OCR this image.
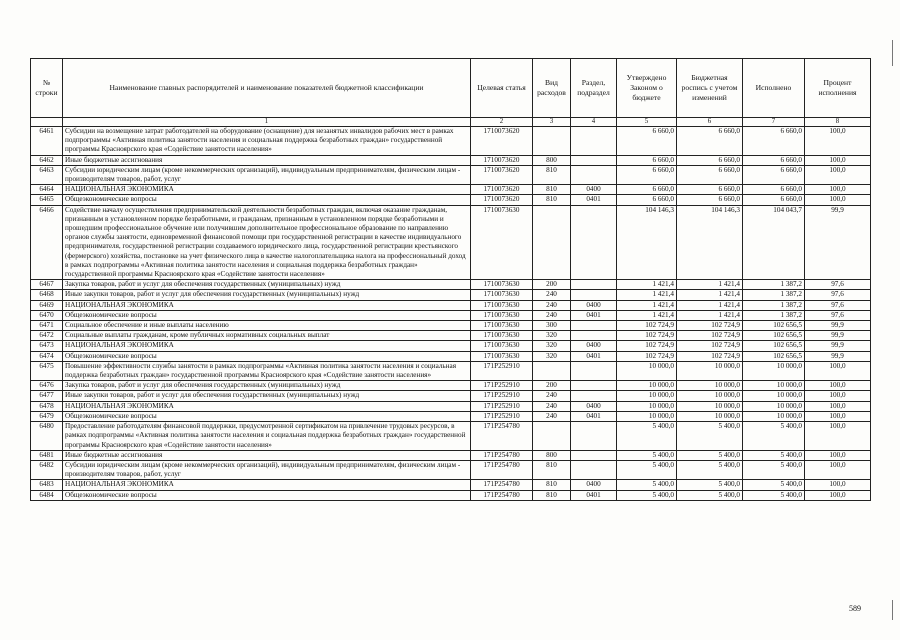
№ строки	Наименование главных распорядителей и наименование показателей бюджетной классификации	Целевая статья	Вид расходов	Раздел, подраздел	Утверждено Законом о бюджете	Бюджетная роспись с учетом изменений	Исполнено	Процент исполнения
	1	2	3	4	5	6	7	8
6461	Субсидии на возмещение затрат работодателей на оборудование (оснащение) для незанятых инвалидов рабочих мест в рамках подпрограммы «Активная политика занятости населения и социальная поддержка безработных граждан» государственной программы Красноярского края «Содействие занятости населения»	1710073620			6 660,0	6 660,0	6 660,0	100,0
6462	Иные бюджетные ассигнования	1710073620	800		6 660,0	6 660,0	6 660,0	100,0
6463	Субсидии юридическим лицам (кроме некоммерческих организаций), индивидуальным предпринимателям, физическим лицам - производителям товаров, работ, услуг	1710073620	810		6 660,0	6 660,0	6 660,0	100,0
6464	НАЦИОНАЛЬНАЯ ЭКОНОМИКА	1710073620	810	0400	6 660,0	6 660,0	6 660,0	100,0
6465	Общеэкономические вопросы	1710073620	810	0401	6 660,0	6 660,0	6 660,0	100,0
6466	Содействие началу осуществления предпринимательской деятельности безработных граждан, включая оказание гражданам, признанным в установленном порядке безработными, и гражданам, признанным в установленном порядке безработными и прошедшим профессиональное обучение или получившим дополнительное профессиональное образование по направлению органов службы занятости, единовременной финансовой помощи при государственной регистрации в качестве индивидуального предпринимателя, государственной регистрации создаваемого юридического лица, государственной регистрации крестьянского (фермерского) хозяйства, постановке на учет физического лица в качестве налогоплательщика налога на профессиональный доход в рамках подпрограммы «Активная политика занятости населения и социальная поддержка безработных граждан» государственной программы Красноярского края «Содействие занятости населения»	1710073630			104 146,3	104 146,3	104 043,7	99,9
6467	Закупка товаров, работ и услуг для обеспечения государственных (муниципальных) нужд	1710073630	200		1 421,4	1 421,4	1 387,2	97,6
6468	Иные закупки товаров, работ и услуг для обеспечения государственных (муниципальных) нужд	1710073630	240		1 421,4	1 421,4	1 387,2	97,6
6469	НАЦИОНАЛЬНАЯ ЭКОНОМИКА	1710073630	240	0400	1 421,4	1 421,4	1 387,2	97,6
6470	Общеэкономические вопросы	1710073630	240	0401	1 421,4	1 421,4	1 387,2	97,6
6471	Социальное обеспечение и иные выплаты населению	1710073630	300		102 724,9	102 724,9	102 656,5	99,9
6472	Социальные выплаты гражданам, кроме публичных нормативных социальных выплат	1710073630	320		102 724,9	102 724,9	102 656,5	99,9
6473	НАЦИОНАЛЬНАЯ ЭКОНОМИКА	1710073630	320	0400	102 724,9	102 724,9	102 656,5	99,9
6474	Общеэкономические вопросы	1710073630	320	0401	102 724,9	102 724,9	102 656,5	99,9
6475	Повышение эффективности службы занятости в рамках подпрограммы «Активная политика занятости населения и социальная поддержка безработных граждан» государственной программы Красноярского края «Содействие занятости населения»	171P252910			10 000,0	10 000,0	10 000,0	100,0
6476	Закупка товаров, работ и услуг для обеспечения государственных (муниципальных) нужд	171P252910	200		10 000,0	10 000,0	10 000,0	100,0
6477	Иные закупки товаров, работ и услуг для обеспечения государственных (муниципальных) нужд	171P252910	240		10 000,0	10 000,0	10 000,0	100,0
6478	НАЦИОНАЛЬНАЯ ЭКОНОМИКА	171P252910	240	0400	10 000,0	10 000,0	10 000,0	100,0
6479	Общеэкономические вопросы	171P252910	240	0401	10 000,0	10 000,0	10 000,0	100,0
6480	Предоставление работодателям финансовой поддержки, предусмотренной сертификатом на привлечение трудовых ресурсов, в рамках подпрограммы «Активная политика занятости населения и социальная поддержка безработных граждан» государственной программы Красноярского края «Содействие занятости населения»	171P254780			5 400,0	5 400,0	5 400,0	100,0
6481	Иные бюджетные ассигнования	171P254780	800		5 400,0	5 400,0	5 400,0	100,0
6482	Субсидии юридическим лицам (кроме некоммерческих организаций), индивидуальным предпринимателям, физическим лицам - производителям товаров, работ, услуг	171P254780	810		5 400,0	5 400,0	5 400,0	100,0
6483	НАЦИОНАЛЬНАЯ ЭКОНОМИКА	171P254780	810	0400	5 400,0	5 400,0	5 400,0	100,0
6484	Общеэкономические вопросы	171P254780	810	0401	5 400,0	5 400,0	5 400,0	100,0
589
